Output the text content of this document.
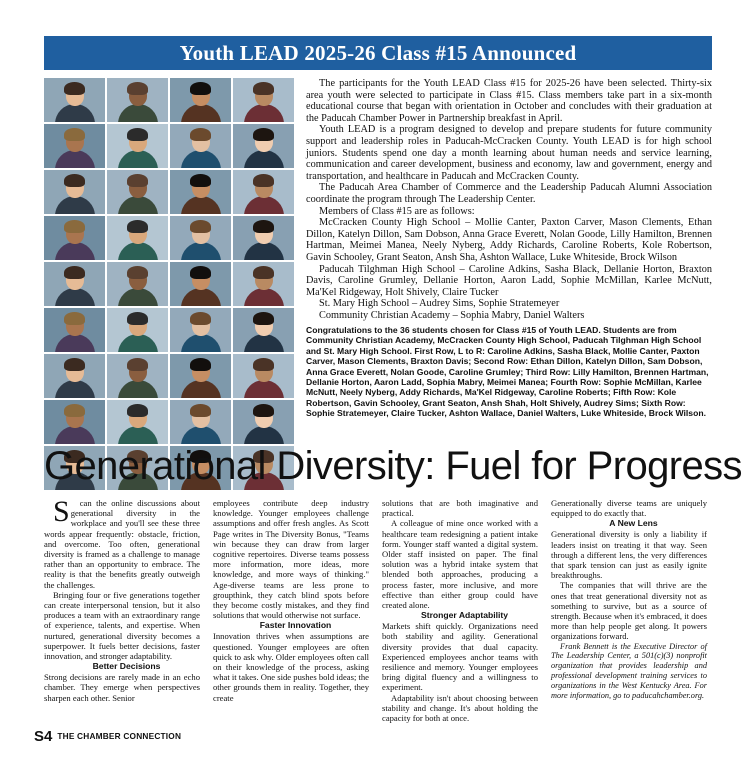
Youth LEAD 2025-26 Class #15 Announced

The participants for the Youth LEAD Class #15 for 2025-26 have been selected. Thirty-six area youth were selected to participate in Class #15. Class members take part in a six-month educational course that began with orientation in October and concludes with their graduation at the Paducah Chamber Power in Partnership breakfast in April.

Youth LEAD is a program designed to develop and prepare students for future community support and leadership roles in Paducah-McCracken County. Youth LEAD is for high school juniors. Students spend one day a month learning about human needs and service learning, communication and career development, business and economy, law and government, energy and transportation, and healthcare in Paducah and McCracken County.

The Paducah Area Chamber of Commerce and the Leadership Paducah Alumni Association coordinate the program through The Leadership Center.

Members of Class #15 are as follows:

McCracken County High School – Mollie Canter, Paxton Carver, Mason Clements, Ethan Dillon, Katelyn Dillon, Sam Dobson, Anna Grace Everett, Nolan Goode, Lilly Hamilton, Brennen Hartman, Meimei Manea, Neely Nyberg, Addy Richards, Caroline Roberts, Kole Robertson, Gavin Schooley, Grant Seaton, Ansh Sha, Ashton Wallace, Luke Whiteside, Brock Wilson

Paducah Tilghman High School – Caroline Adkins, Sasha Black, Dellanie Horton, Braxton Davis, Caroline Grumley, Dellanie Horton, Aaron Ladd, Sophie McMillan, Karlee McNutt, Ma'Kel Ridgeway, Holt Shively, Claire Tucker

St. Mary High School – Audrey Sims, Sophie Stratemeyer

Community Christian Academy – Sophia Mabry, Daniel Walters

Congratulations to the 36 students chosen for Class #15 of Youth LEAD. Students are from Community Christian Academy, McCracken County High School, Paducah Tilghman High School and St. Mary High School. First Row, L to R: Caroline Adkins, Sasha Black, Mollie Canter, Paxton Carver, Mason Clements, Braxton Davis; Second Row: Ethan Dillon, Katelyn Dillon, Sam Dobson, Anna Grace Everett, Nolan Goode, Caroline Grumley; Third Row: Lilly Hamilton, Brennen Hartman, Dellanie Horton, Aaron Ladd, Sophia Mabry, Meimei Manea; Fourth Row: Sophie McMillan, Karlee McNutt, Neely Nyberg, Addy Richards, Ma'Kel Ridgeway, Caroline Roberts; Fifth Row: Kole Robertson, Gavin Schooley, Grant Seaton, Ansh Shah, Holt Shively, Audrey Sims; Sixth Row: Sophie Stratemeyer, Claire Tucker, Ashton Wallace, Daniel Walters, Luke Whiteside, Brock Wilson.
Generational Diversity: Fuel for Progress

S can the online discussions about generational diversity in the workplace and you'll see these three words appear frequently: obstacle, friction, and overcome. Too often, generational diversity is framed as a challenge to manage rather than an opportunity to embrace. The reality is that the benefits greatly outweigh the challenges.

Bringing four or five generations together can create interpersonal tension, but it also produces a team with an extraordinary range of experience, talents, and expertise. When nurtured, generational diversity becomes a superpower. It fuels better decisions, faster innovation, and stronger adaptability.

Better Decisions

Strong decisions are rarely made in an echo chamber. They emerge when perspectives sharpen each other. Senior

employees contribute deep industry knowledge. Younger employees challenge assumptions and offer fresh angles. As Scott Page writes in The Diversity Bonus, "Teams win because they can draw from larger cognitive repertoires. Diverse teams possess more information, more ideas, more knowledge, and more ways of thinking." Age-diverse teams are less prone to groupthink, they catch blind spots before they become costly mistakes, and they find solutions that would otherwise not surface.

Faster Innovation

Innovation thrives when assumptions are questioned. Younger employees are often quick to ask why. Older employees often call on their knowledge of the process, asking what it takes. One side pushes bold ideas; the other grounds them in reality. Together, they create

solutions that are both imaginative and practical.

A colleague of mine once worked with a healthcare team redesigning a patient intake form. Younger staff wanted a digital system. Older staff insisted on paper. The final solution was a hybrid intake system that blended both approaches, producing a process faster, more inclusive, and more effective than either group could have created alone.

Stronger Adaptability

Markets shift quickly. Organizations need both stability and agility. Generational diversity provides that dual capacity. Experienced employees anchor teams with resilience and memory. Younger employees bring digital fluency and a willingness to experiment.

Adaptability isn't about choosing between stability and change. It's about holding the capacity for both at once.

Generationally diverse teams are uniquely equipped to do exactly that.

A New Lens

Generational diversity is only a liability if leaders insist on treating it that way. Seen through a different lens, the very differences that spark tension can just as easily ignite breakthroughs.

The companies that will thrive are the ones that treat generational diversity not as something to survive, but as a source of strength. Because when it's embraced, it does more than help people get along. It powers organizations forward.

Frank Bennett is the Executive Director of The Leadership Center, a 501(c)(3) nonprofit organization that provides leadership and professional development training services to organizations in the West Kentucky Area. For more information, go to paducahchamber.org.

S4 THE CHAMBER CONNECTION
